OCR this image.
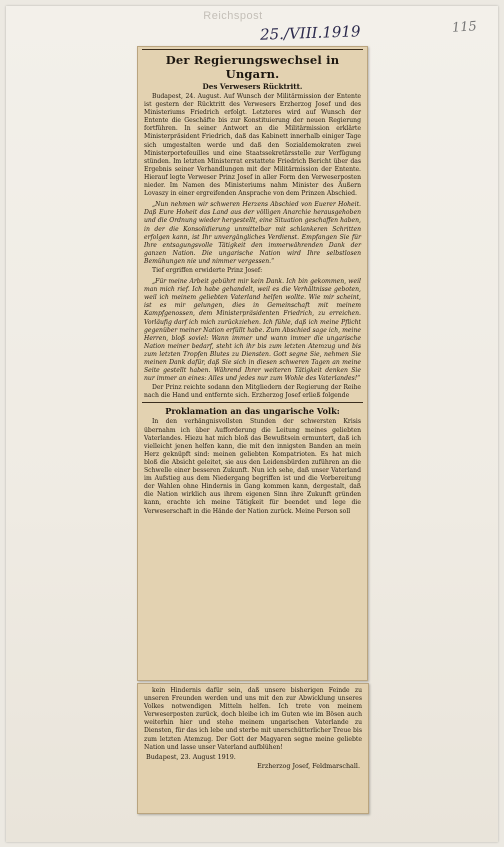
Reichspost
25./VIII.1919	115
Der Regierungswechsel in Ungarn.
Des Verwesers Rücktritt.
Budapest, 24. August. Auf Wunsch der Militärmission der Entente ist gestern der Rücktritt des Verwesers Erzherzog Josef und des Ministeriums Friedrich erfolgt. Letzteres wird auf Wunsch der Entente die Geschäfte bis zur Konstituierung der neuen Regierung fortführen. In seiner Antwort an die Militärmission erklärte Ministerpräsident Friedrich, daß das Kabinett innerhalb einiger Tage sich umgestalten werde und daß den Sozialdemokraten zwei Ministerportefeuilles und eine Staatssekretärsstelle zur Verfügung stünden. Im letzten Ministerrat erstattete Friedrich Bericht über das Ergebnis seiner Verhandlungen mit der Militärmission der Entente. Hierauf legte Verweser Prinz Josef in aller Form den Verweserposten nieder. Im Namen des Ministeriums nahm Minister des Äußern Lovaszy in einer ergreifenden Ansprache von dem Prinzen Abschied.
„Nun nehmen wir schweren Herzens Abschied von Euerer Hoheit. Daß Eure Hoheit das Land aus der völligen Anarchie herausgehoben und die Ordnung wieder hergestellt, eine Situation geschaffen haben, in der die Konsolidierung unmittelbar mit schlankeren Schritten erfolgen kann, ist Ihr unvergängliches Verdienst. Empfangen Sie für Ihre entsagungsvolle Tätigkeit den immerwährenden Dank der ganzen Nation. Die ungarische Nation wird Ihre selbstlosen Bemühungen nie und nimmer vergessen.“
Tief ergriffen erwiderte Prinz Josef:
„Für meine Arbeit gebührt mir kein Dank. Ich bin gekommen, weil man mich rief. Ich habe gehandelt, weil es die Verhältnisse geboten, weil ich meinem geliebten Vaterland helfen wollte. Wie mir scheint, ist es mir gelungen, dies in Gemeinschaft mit meinem Kampfgenossen, dem Ministerpräsidenten Friedrich, zu erreichen. Vorläufig darf ich mich zurückziehen. Ich fühle, daß ich meine Pflicht gegenüber meiner Nation erfüllt habe. Zum Abschied sage ich, meine Herren, bloß soviel: Wann immer und wann immer die ungarische Nation meiner bedarf, steht ich ihr bis zum letzten Atemzug und bis zum letzten Tropfen Blutes zu Diensten. Gott segne Sie, nehmen Sie meinen Dank dafür, daß Sie sich in diesen schweren Tagen an meine Seite gestellt haben. Während Ihrer weiteren Tätigkeit denken Sie nur immer an eines: Alles und jedes nur zum Wohle des Vaterlandes!“
Der Prinz reichte sodann den Mitgliedern der Regierung der Reihe nach die Hand und entfernte sich. Erzherzog Josef erließ folgende
Proklamation an das ungarische Volk:
In den verhängnisvollsten Stunden der schwersten Krisis übernahm ich über Aufforderung die Leitung meines geliebten Vaterlandes. Hiezu hat mich bloß das Bewußtsein ermuntert, daß ich vielleicht jenen helfen kann, die mit den innigsten Banden an mein Herz geknüpft sind: meinen geliebten Kompatrioten. Es hat mich bloß die Absicht geleitet, sie aus den Leidensbürden zuführen an die Schwelle einer besseren Zukunft. Nun ich sehe, daß unser Vaterland im Aufstieg aus dem Niedergang begriffen ist und die Vorbereitung der Wahlen ohne Hindernis in Gang kommen kann, dergestalt, daß die Nation wirklich aus ihrem eigenen Sinn ihre Zukunft gründen kann, erachte ich meine Tätigkeit für beendet und lege die Verweserschaft in die Hände der Nation zurück. Meine Person soll
kein Hindernis dafür sein, daß unsere bisherigen Feinde zu unseren Freunden werden und uns mit den zur Abwicklung unseres Volkes notwendigen Mitteln helfen. Ich trete von meinem Verweserposten zurück, doch bleibe ich im Guten wie im Bösen auch weiterhin hier und stehe meinem ungarischen Vaterlande zu Diensten, für das ich lebe und sterbe mit unerschütterlicher Treue bis zum letzten Atemzug. Der Gott der Magyaren segne meine geliebte Nation und lasse unser Vaterland aufblühen!
Budapest, 23. August 1919.
Erzherzog Josef, Feldmarschall.
